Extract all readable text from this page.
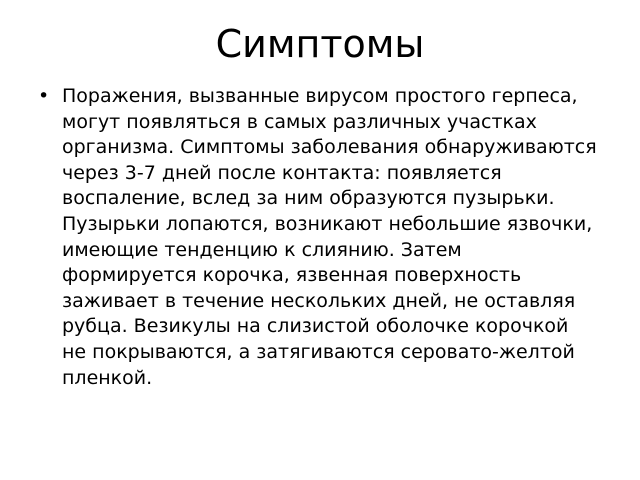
Симптомы
• Поражения, вызванные вирусом простого герпеса, могут появляться в самых различных участках организма. Симптомы заболевания обнаруживаются через 3-7 дней после контакта: появляется воспаление, вслед за ним образуются пузырьки. Пузырьки лопаются, возникают небольшие язвочки, имеющие тенденцию к слиянию. Затем формируется корочка, язвенная поверхность заживает в течение нескольких дней, не оставляя рубца. Везикулы на слизистой оболочке корочкой не покрываются, а затягиваются серовато-желтой пленкой.
